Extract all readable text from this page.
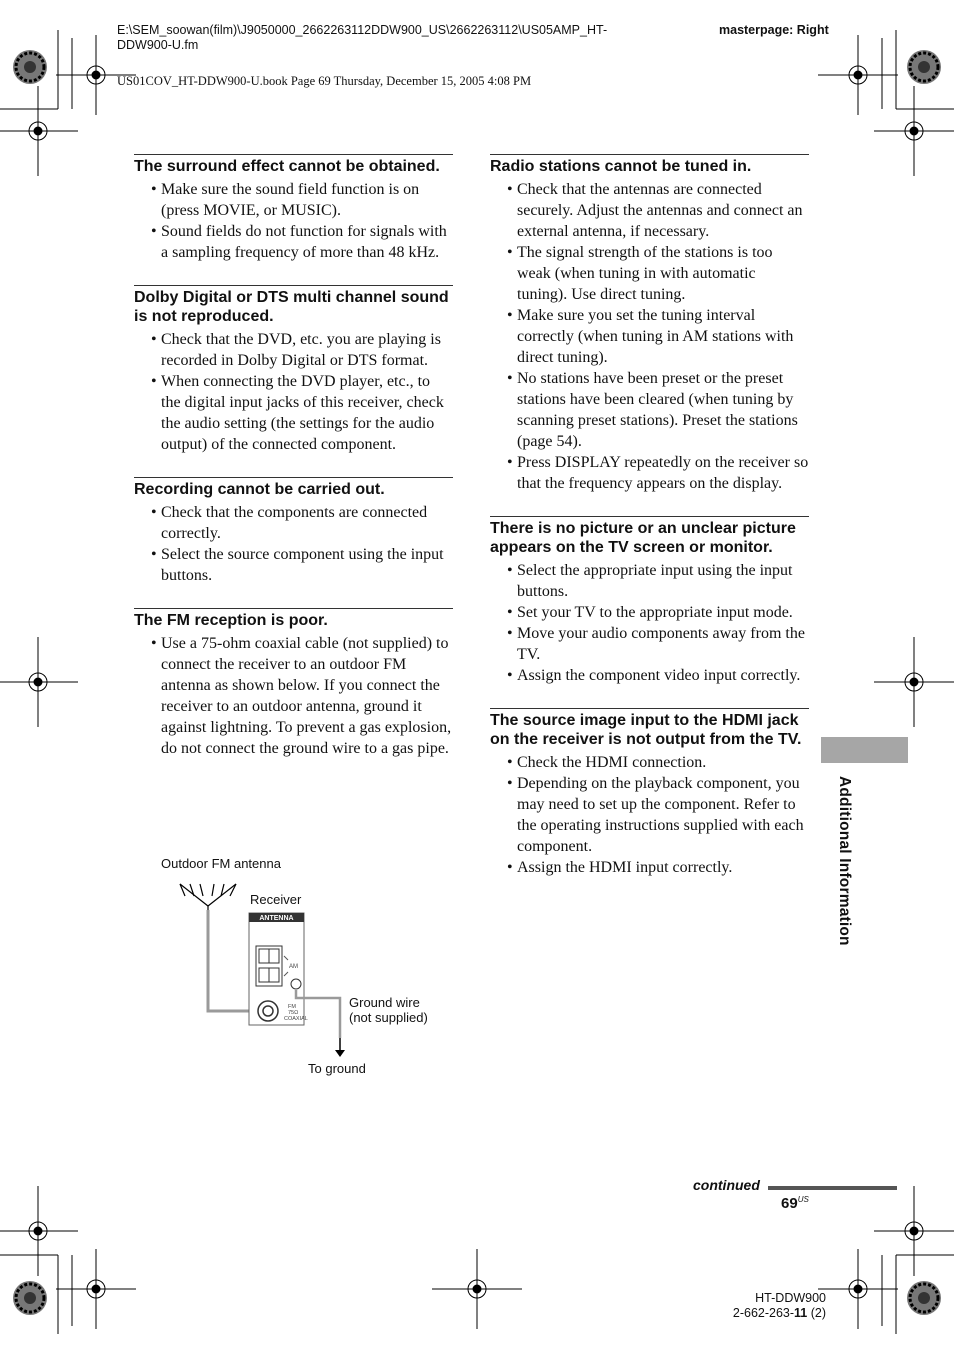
E:\SEM_soowan(film)\J9050000_2662263112DDW900_US\2662263112\US05AMP_HT-
DDW900-U.fm
masterpage: Right
US01COV_HT-DDW900-U.book Page 69 Thursday, December 15, 2005 4:08 PM
The surround effect cannot be obtained.
• Make sure the sound field function is on (press MOVIE, or MUSIC).
• Sound fields do not function for signals with a sampling frequency of more than 48 kHz.
Dolby Digital or DTS multi channel sound is not reproduced.
• Check that the DVD, etc. you are playing is recorded in Dolby Digital or DTS format.
• When connecting the DVD player, etc., to the digital input jacks of this receiver, check the audio setting (the settings for the audio output) of the connected component.
Recording cannot be carried out.
• Check that the components are connected correctly.
• Select the source component using the input buttons.
The FM reception is poor.
• Use a 75-ohm coaxial cable (not supplied) to connect the receiver to an outdoor FM antenna as shown below. If you connect the receiver to an outdoor antenna, ground it against lightning. To prevent a gas explosion, do not connect the ground wire to a gas pipe.
Radio stations cannot be tuned in.
• Check that the antennas are connected securely. Adjust the antennas and connect an external antenna, if necessary.
• The signal strength of the stations is too weak (when tuning in with automatic tuning). Use direct tuning.
• Make sure you set the tuning interval correctly (when tuning in AM stations with direct tuning).
• No stations have been preset or the preset stations have been cleared (when tuning by scanning preset stations). Preset the stations (page 54).
• Press DISPLAY repeatedly on the receiver so that the frequency appears on the display.
There is no picture or an unclear picture appears on the TV screen or monitor.
• Select the appropriate input using the input buttons.
• Set your TV to the appropriate input mode.
• Move your audio components away from the TV.
• Assign the component video input correctly.
The source image input to the HDMI jack on the receiver is not output from the TV.
• Check the HDMI connection.
• Depending on the playback component, you may need to set up the component. Refer to the operating instructions supplied with each component.
• Assign the HDMI input correctly.
Outdoor FM antenna
Receiver
Ground wire
(not supplied)
To ground
ANTENNA
AM
FM
75Ω
COAXIAL
Additional Information
continued
$69^{US}$
HT-DDW900
2-662-263-11 (2)
